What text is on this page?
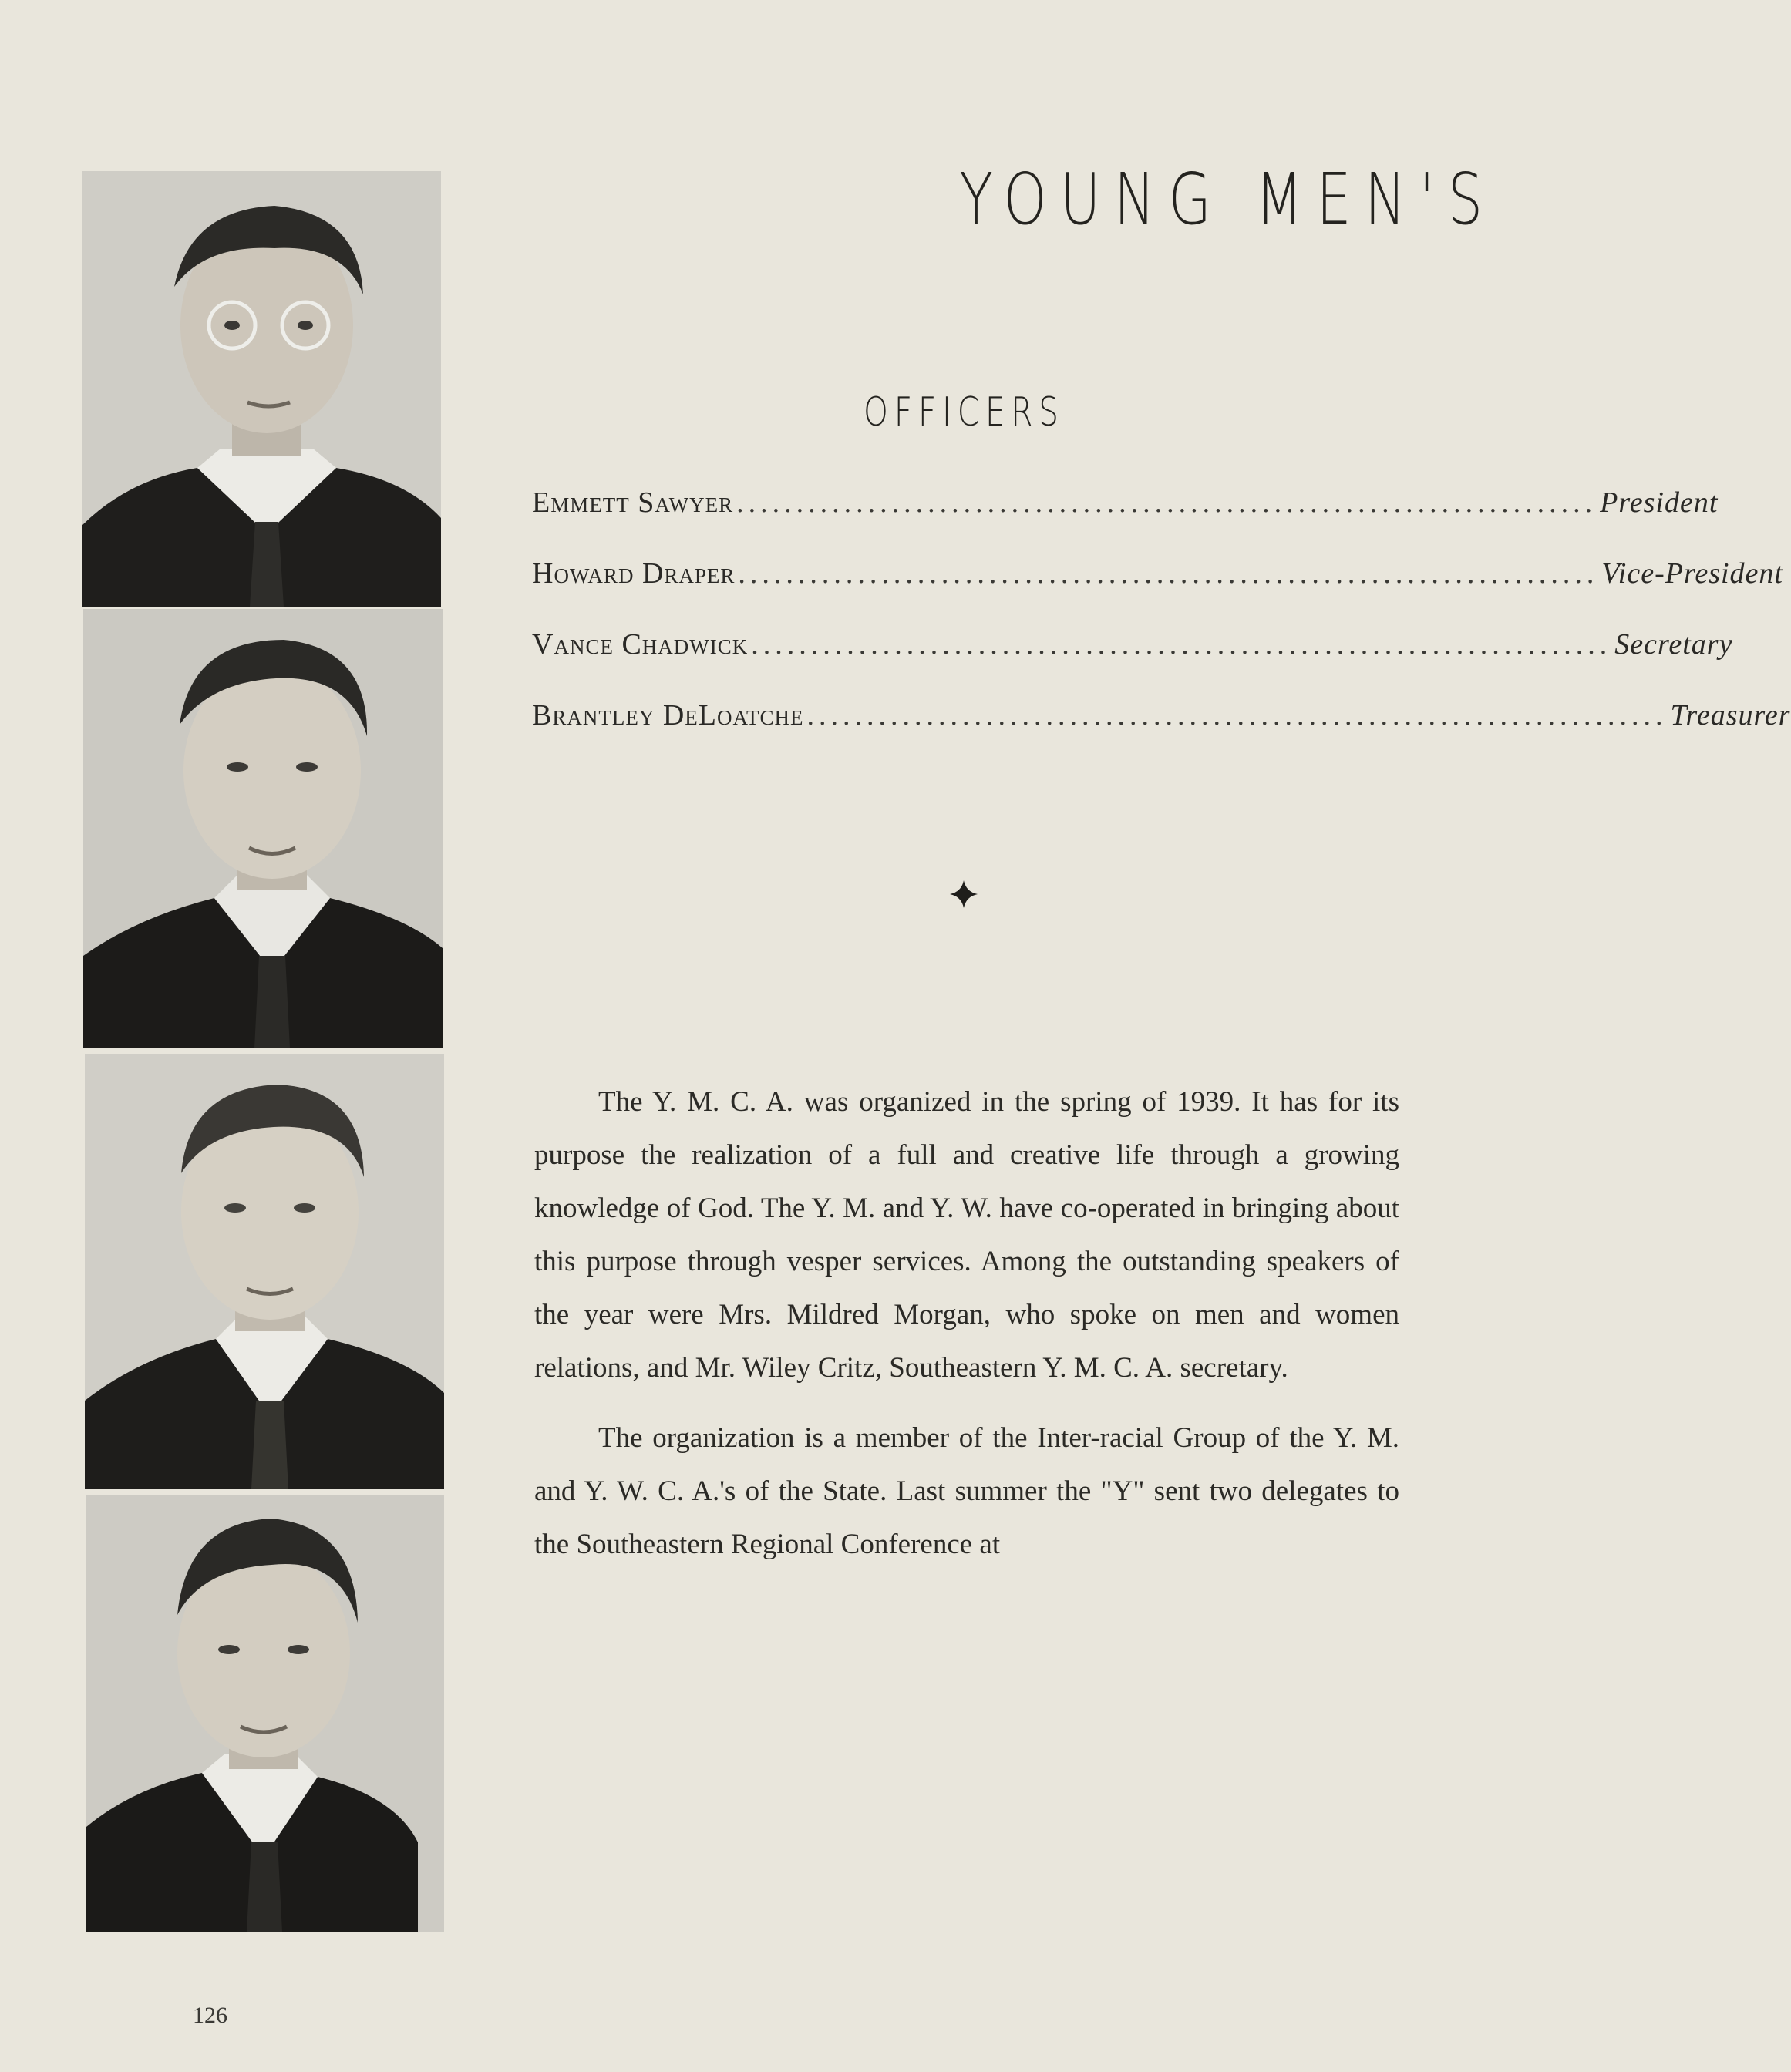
YOUNG MEN'S
OFFICERS
Emmett Sawyer ........................................................................ President
Howard Draper ........................................................................ Vice-President
Vance Chadwick ........................................................................ Secretary
Brantley DeLoatche ........................................................................ Treasurer

The Y. M. C. A. was organized in the spring of 1939. It has for its purpose the realization of a full and creative life through a growing knowledge of God. The Y. M. and Y. W. have co-operated in bringing about this purpose through vesper services. Among the outstanding speakers of the year were Mrs. Mildred Morgan, who spoke on men and women relations, and Mr. Wiley Critz, Southeastern Y. M. C. A. secretary.

The organization is a member of the Inter-racial Group of the Y. M. and Y. W. C. A.'s of the State. Last summer the "Y" sent two delegates to the Southeastern Regional Conference at

126
